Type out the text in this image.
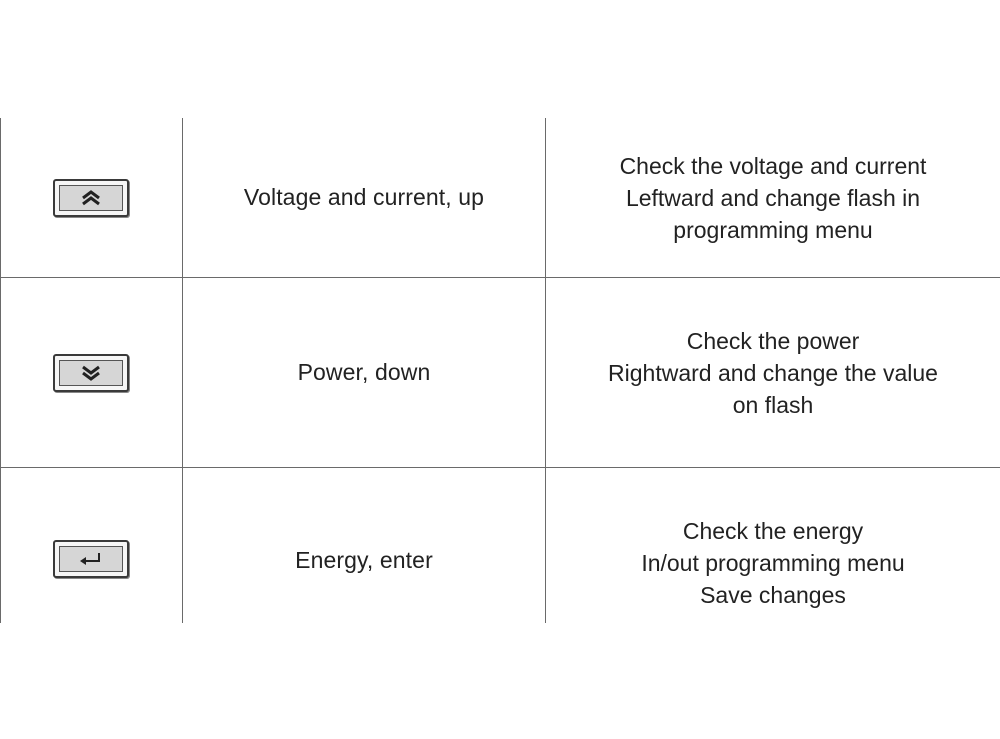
Voltage and current, up
Check the voltage and current
Leftward and change flash in
programming menu
Power, down
Check the power
Rightward and change the value
on flash
Energy, enter
Check the energy
In/out programming menu
Save changes
